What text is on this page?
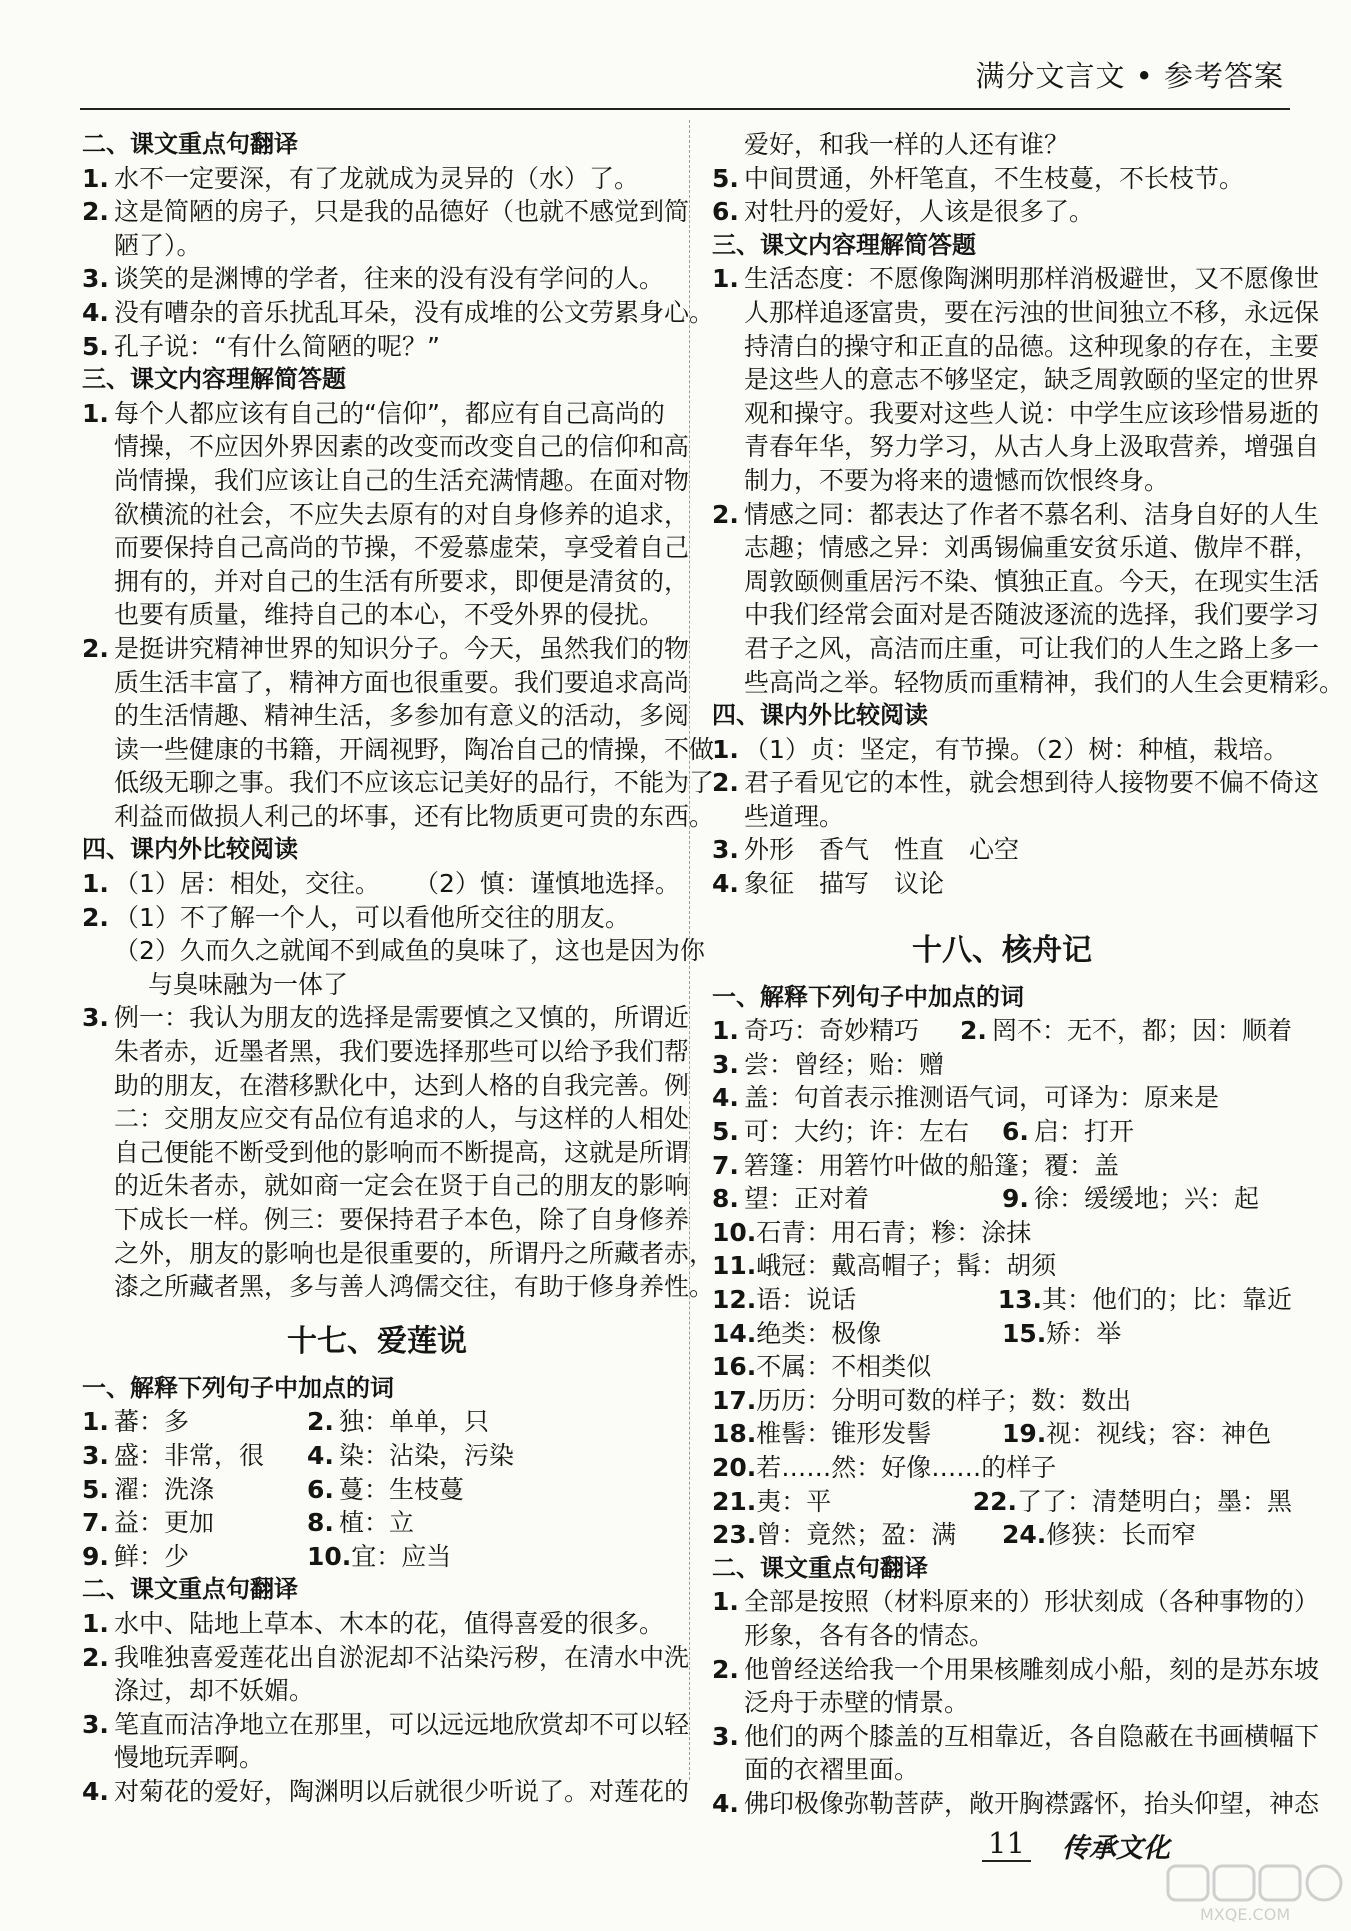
满分文言文 • 参考答案
二、课文重点句翻译
1. 水不一定要深，有了龙就成为灵异的（水）了。
2. 这是简陋的房子，只是我的品德好（也就不感觉到简
陋了）。
3. 谈笑的是渊博的学者，往来的没有没有学问的人。
4. 没有嘈杂的音乐扰乱耳朵，没有成堆的公文劳累身心。
5. 孔子说：“有什么简陋的呢？”
三、课文内容理解简答题
1. 每个人都应该有自己的“信仰”，都应有自己高尚的
情操，不应因外界因素的改变而改变自己的信仰和高
尚情操，我们应该让自己的生活充满情趣。在面对物
欲横流的社会，不应失去原有的对自身修养的追求，
而要保持自己高尚的节操，不爱慕虚荣，享受着自己
拥有的，并对自己的生活有所要求，即便是清贫的，
也要有质量，维持自己的本心，不受外界的侵扰。
2. 是挺讲究精神世界的知识分子。今天，虽然我们的物
质生活丰富了，精神方面也很重要。我们要追求高尚
的生活情趣、精神生活，多参加有意义的活动，多阅
读一些健康的书籍，开阔视野，陶冶自己的情操，不做
低级无聊之事。我们不应该忘记美好的品行，不能为了
利益而做损人利己的坏事，还有比物质更可贵的东西。
四、课内外比较阅读
1. （1）居：相处，交往。 （2）慎：谨慎地选择。
2. （1）不了解一个人，可以看他所交往的朋友。
（2）久而久之就闻不到咸鱼的臭味了，这也是因为你
与臭味融为一体了
3. 例一：我认为朋友的选择是需要慎之又慎的，所谓近
朱者赤，近墨者黑，我们要选择那些可以给予我们帮
助的朋友，在潜移默化中，达到人格的自我完善。例
二：交朋友应交有品位有追求的人，与这样的人相处
自己便能不断受到他的影响而不断提高，这就是所谓
的近朱者赤，就如商一定会在贤于自己的朋友的影响
下成长一样。例三：要保持君子本色，除了自身修养
之外，朋友的影响也是很重要的，所谓丹之所藏者赤，
漆之所藏者黑，多与善人鸿儒交往，有助于修身养性。
十七、爱莲说
一、解释下列句子中加点的词
1. 蕃：多	2. 独：单单，只
3. 盛：非常，很	4. 染：沾染，污染
5. 濯：洗涤	6. 蔓：生枝蔓
7. 益：更加	8. 植：立
9. 鲜：少	10.宜：应当
二、课文重点句翻译
1. 水中、陆地上草本、木本的花，值得喜爱的很多。
2. 我唯独喜爱莲花出自淤泥却不沾染污秽，在清水中洗
涤过，却不妖媚。
3. 笔直而洁净地立在那里，可以远远地欣赏却不可以轻
慢地玩弄啊。
4. 对菊花的爱好，陶渊明以后就很少听说了。对莲花的
爱好，和我一样的人还有谁？
5. 中间贯通，外杆笔直，不生枝蔓，不长枝节。
6. 对牡丹的爱好，人该是很多了。
三、课文内容理解简答题
1. 生活态度：不愿像陶渊明那样消极避世，又不愿像世
人那样追逐富贵，要在污浊的世间独立不移，永远保
持清白的操守和正直的品德。这种现象的存在，主要
是这些人的意志不够坚定，缺乏周敦颐的坚定的世界
观和操守。我要对这些人说：中学生应该珍惜易逝的
青春年华，努力学习，从古人身上汲取营养，增强自
制力，不要为将来的遗憾而饮恨终身。
2. 情感之同：都表达了作者不慕名利、洁身自好的人生
志趣；情感之异：刘禹锡偏重安贫乐道、傲岸不群，
周敦颐侧重居污不染、慎独正直。今天，在现实生活
中我们经常会面对是否随波逐流的选择，我们要学习
君子之风，高洁而庄重，可让我们的人生之路上多一
些高尚之举。轻物质而重精神，我们的人生会更精彩。
四、课内外比较阅读
1. （1）贞：坚定，有节操。（2）树：种植，栽培。
2. 君子看见它的本性，就会想到待人接物要不偏不倚这
些道理。
3. 外形　香气　性直　心空
4. 象征　描写　议论
十八、核舟记
一、解释下列句子中加点的词
1. 奇巧：奇妙精巧	2. 罔不：无不，都；因：顺着
3. 尝：曾经；贻：赠
4. 盖：句首表示推测语气词，可译为：原来是
5. 可：大约；许：左右	6. 启：打开
7. 箬篷：用箬竹叶做的船篷；覆：盖
8. 望：正对着	9. 徐：缓缓地；兴：起
10.石青：用石青；糁：涂抹
11.峨冠：戴高帽子；髯：胡须
12.语：说话	13.其：他们的；比：靠近
14.绝类：极像	15.矫：举
16.不属：不相类似
17.历历：分明可数的样子；数：数出
18.椎髻：锥形发髻	19.视：视线；容：神色
20.若……然：好像……的样子
21.夷：平	22.了了：清楚明白；墨：黑
23.曾：竟然；盈：满	24.修狭：长而窄
二、课文重点句翻译
1. 全部是按照（材料原来的）形状刻成（各种事物的）
形象，各有各的情态。
2. 他曾经送给我一个用果核雕刻成小船，刻的是苏东坡
泛舟于赤壁的情景。
3. 他们的两个膝盖的互相靠近，各自隐蔽在书画横幅下
面的衣褶里面。
4. 佛印极像弥勒菩萨，敞开胸襟露怀，抬头仰望，神态
11 传承文化
MXQE.COM
